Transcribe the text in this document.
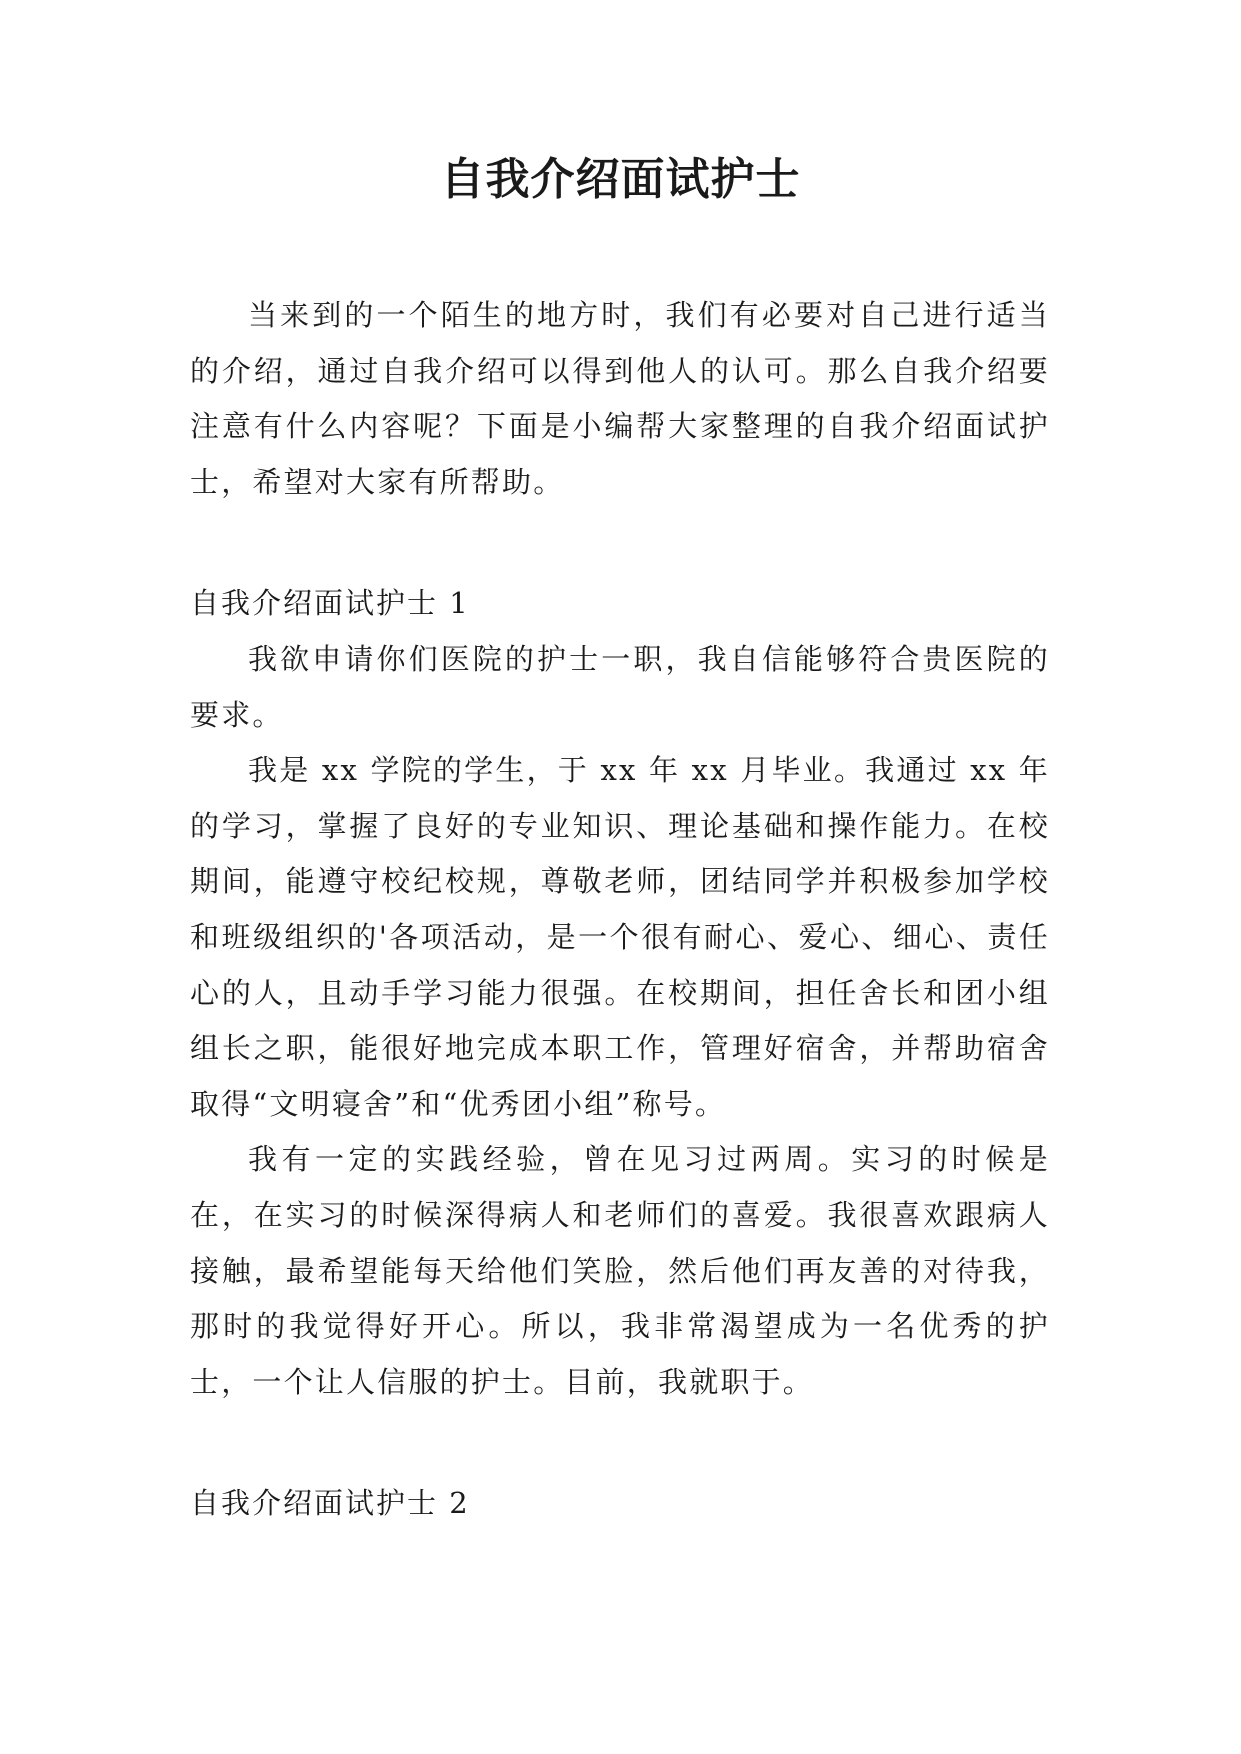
自我介绍面试护士

当来到的一个陌生的地方时，我们有必要对自己进行适当的介绍，通过自我介绍可以得到他人的认可。那么自我介绍要注意有什么内容呢？下面是小编帮大家整理的自我介绍面试护士，希望对大家有所帮助。

自我介绍面试护士 1

我欲申请你们医院的护士一职，我自信能够符合贵医院的要求。

我是 xx 学院的学生，于 xx 年 xx 月毕业。我通过 xx 年的学习，掌握了良好的专业知识、理论基础和操作能力。在校期间，能遵守校纪校规，尊敬老师，团结同学并积极参加学校和班级组织的'各项活动，是一个很有耐心、爱心、细心、责任心的人，且动手学习能力很强。在校期间，担任舍长和团小组组长之职，能很好地完成本职工作，管理好宿舍，并帮助宿舍取得“文明寝舍”和“优秀团小组”称号。

我有一定的实践经验，曾在见习过两周。实习的时候是在，在实习的时候深得病人和老师们的喜爱。我很喜欢跟病人接触，最希望能每天给他们笑脸，然后他们再友善的对待我，那时的我觉得好开心。所以，我非常渴望成为一名优秀的护士，一个让人信服的护士。目前，我就职于。

自我介绍面试护士 2
